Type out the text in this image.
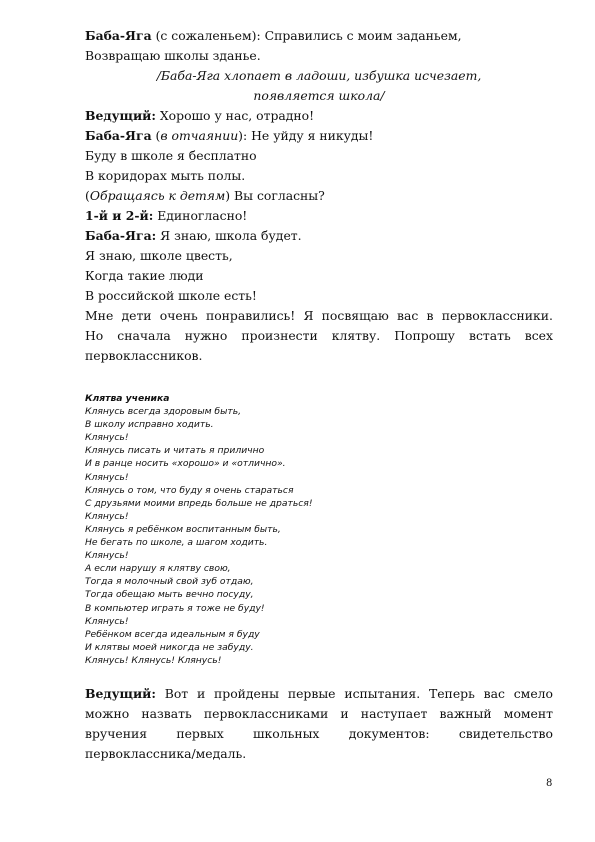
Баба-Яга (с сожаленьем): Справились с моим заданьем,
Возвращаю школы зданье.
/Баба-Яга хлопает в ладоши, избушка исчезает,
появляется школа/
Ведущий: Хорошо у нас, отрадно!
Баба-Яга (в отчаянии): Не уйду я никуды!
Буду в школе я бесплатно
В коридорах мыть полы.
(Обращаясь к детям) Вы согласны?
1-й и 2-й: Единогласно!
Баба-Яга: Я знаю, школа будет.
Я знаю, школе цвесть,
Когда такие люди
В российской школе есть!
Мне дети очень понравились! Я посвящаю вас в первоклассники.
Но сначала нужно произнести клятву. Попрошу встать всех
первоклассников.
Клятва ученика
Клянусь всегда здоровым быть,
В школу исправно ходить.
Клянусь!
Клянусь писать и читать я прилично
И в ранце носить «хорошо» и «отлично».
Клянусь!
Клянусь о том, что буду я очень стараться
С друзьями моими впредь больше не драться!
Клянусь!
Клянусь я ребёнком воспитанным быть,
Не бегать по школе, а шагом ходить.
Клянусь!
А если нарушу я клятву свою,
Тогда я молочный свой зуб отдаю,
Тогда обещаю мыть вечно посуду,
В компьютер играть я тоже не буду!
Клянусь!
Ребёнком всегда идеальным я буду
И клятвы моей никогда не забуду.
Клянусь! Клянусь! Клянусь!
Ведущий: Вот и пройдены первые испытания. Теперь вас смело
можно назвать первоклассниками и наступает важный момент
вручения первых школьных документов: свидетельство
первоклассника/медаль.
8
